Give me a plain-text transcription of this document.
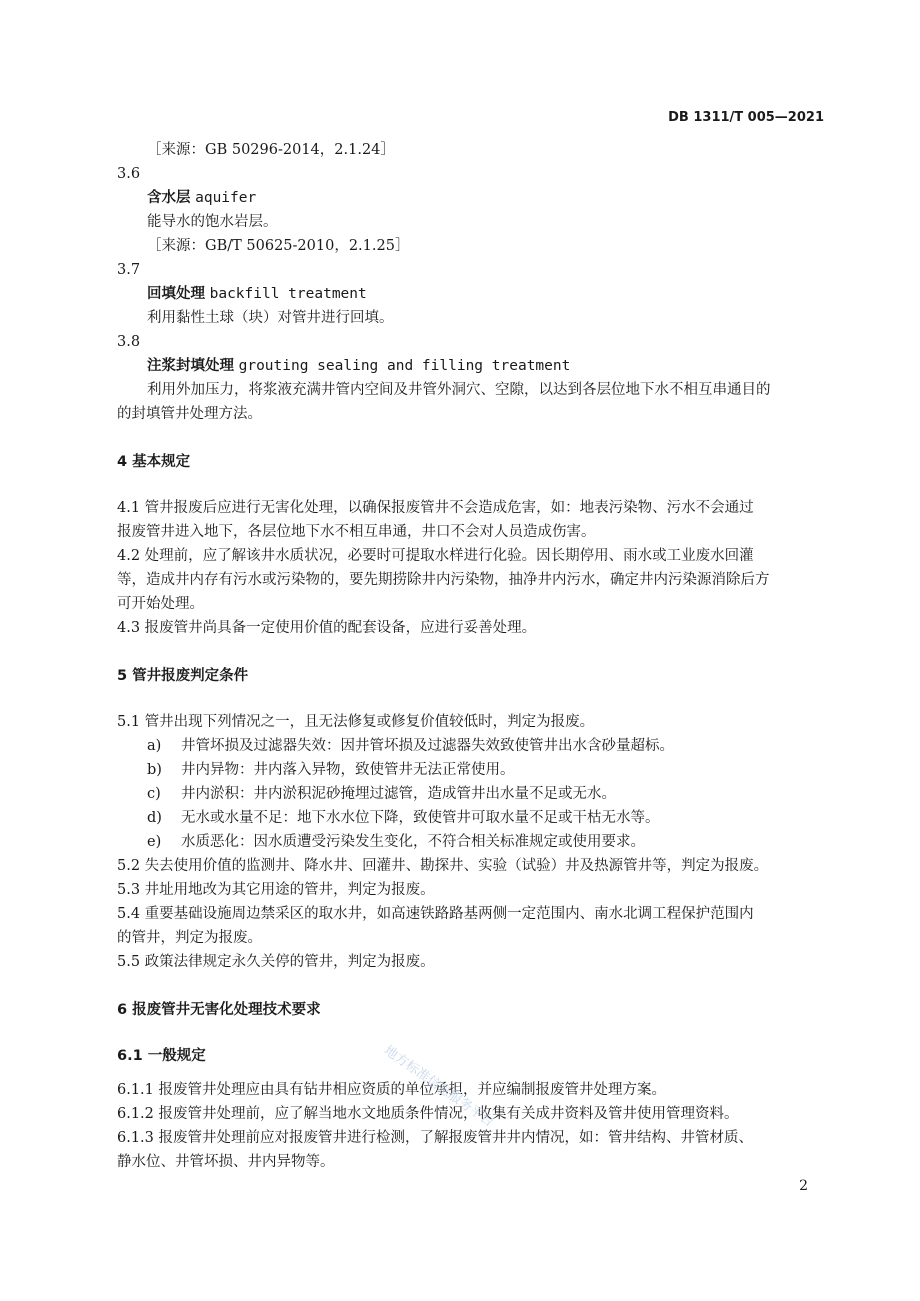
DB 1311/T 005—2021
［来源：GB 50296-2014，2.1.24］
3.6
含水层 aquifer
能导水的饱水岩层。
［来源：GB/T 50625-2010，2.1.25］
3.7
回填处理 backfill treatment
利用黏性土球（块）对管井进行回填。
3.8
注浆封填处理 grouting sealing and filling treatment
利用外加压力，将浆液充满井管内空间及井管外洞穴、空隙，以达到各层位地下水不相互串通目的
的封填管井处理方法。
4 基本规定
4.1 管井报废后应进行无害化处理，以确保报废管井不会造成危害，如：地表污染物、污水不会通过
报废管井进入地下，各层位地下水不相互串通，井口不会对人员造成伤害。
4.2 处理前，应了解该井水质状况，必要时可提取水样进行化验。因长期停用、雨水或工业废水回灌
等，造成井内存有污水或污染物的，要先期捞除井内污染物，抽净井内污水，确定井内污染源消除后方
可开始处理。
4.3 报废管井尚具备一定使用价值的配套设备，应进行妥善处理。
5 管井报废判定条件
5.1 管井出现下列情况之一，且无法修复或修复价值较低时，判定为报废。
a) 井管坏损及过滤器失效：因井管坏损及过滤器失效致使管井出水含砂量超标。
b) 井内异物：井内落入异物，致使管井无法正常使用。
c) 井内淤积：井内淤积泥砂掩埋过滤管，造成管井出水量不足或无水。
d) 无水或水量不足：地下水水位下降，致使管井可取水量不足或干枯无水等。
e) 水质恶化：因水质遭受污染发生变化，不符合相关标准规定或使用要求。
5.2 失去使用价值的监测井、降水井、回灌井、勘探井、实验（试验）井及热源管井等，判定为报废。
5.3 井址用地改为其它用途的管井，判定为报废。
5.4 重要基础设施周边禁采区的取水井，如高速铁路路基两侧一定范围内、南水北调工程保护范围内
的管井，判定为报废。
5.5 政策法律规定永久关停的管井，判定为报废。
6 报废管井无害化处理技术要求
6.1 一般规定
6.1.1 报废管井处理应由具有钻井相应资质的单位承担，并应编制报废管井处理方案。
6.1.2 报废管井处理前，应了解当地水文地质条件情况，收集有关成井资料及管井使用管理资料。
6.1.3 报废管井处理前应对报废管井进行检测，了解报废管井井内情况，如：管井结构、井管材质、
静水位、井管坏损、井内异物等。
地方标准信息服务平台
2
